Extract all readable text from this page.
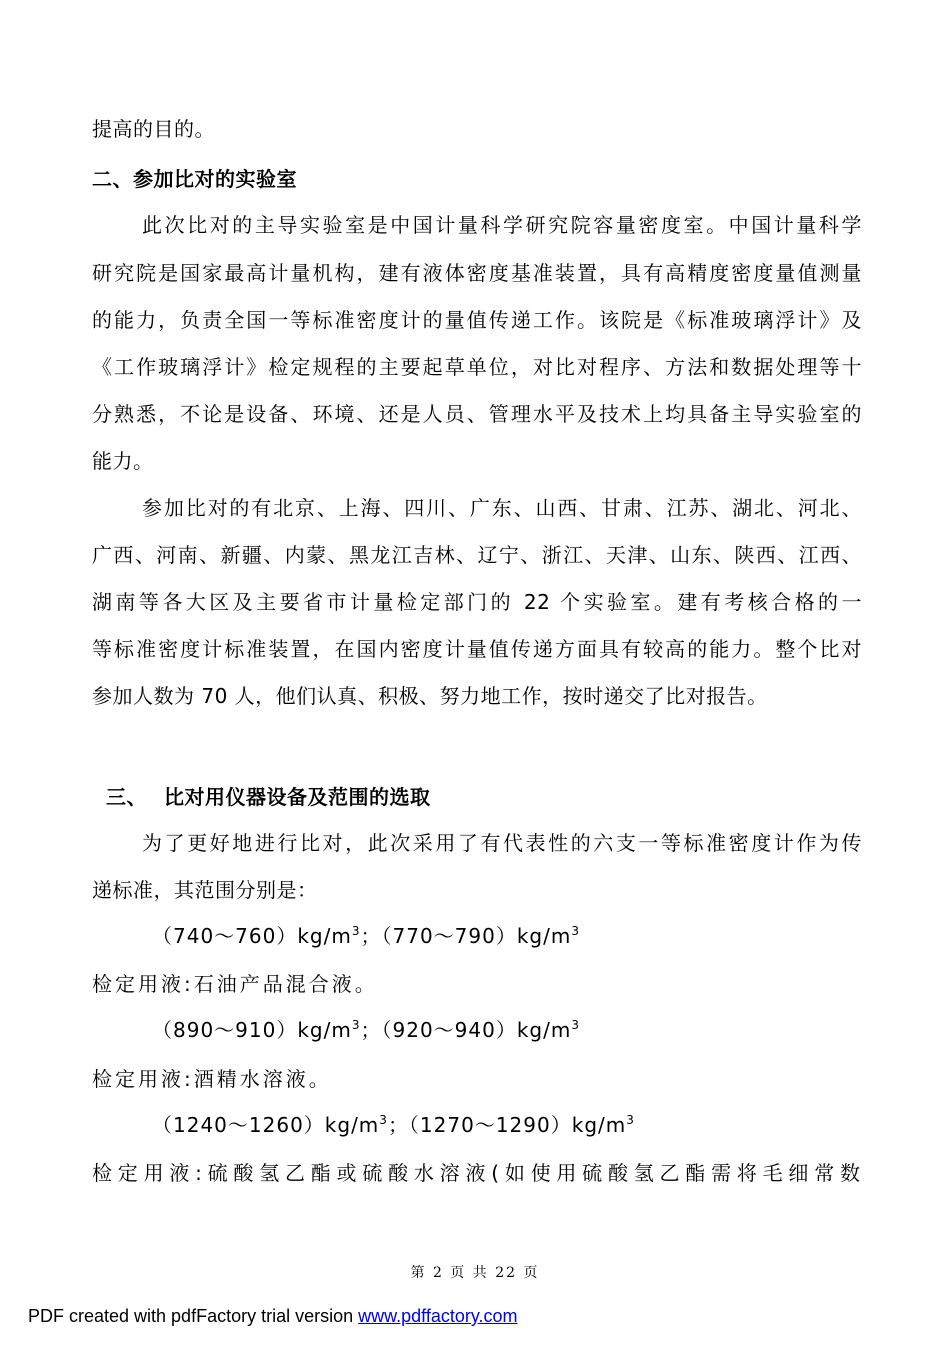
提高的目的。
二、参加比对的实验室
此次比对的主导实验室是中国计量科学研究院容量密度室。中国计量科学
研究院是国家最高计量机构，建有液体密度基准装置，具有高精度密度量值测量
的能力，负责全国一等标准密度计的量值传递工作。该院是《标准玻璃浮计》及
《工作玻璃浮计》检定规程的主要起草单位，对比对程序、方法和数据处理等十
分熟悉，不论是设备、环境、还是人员、管理水平及技术上均具备主导实验室的
能力。
参加比对的有北京、上海、四川、广东、山西、甘肃、江苏、湖北、河北、
广西、河南、新疆、内蒙、黑龙江吉林、辽宁、浙江、天津、山东、陕西、江西、
湖南等各大区及主要省市计量检定部门的 22 个实验室。建有考核合格的一
等标准密度计标准装置，在国内密度计量值传递方面具有较高的能力。整个比对
参加人数为 70 人，他们认真、积极、努力地工作，按时递交了比对报告。
三、 比对用仪器设备及范围的选取
为了更好地进行比对，此次采用了有代表性的六支一等标准密度计作为传
递标准，其范围分别是：
$(740\sim 760)kg/m^3$；$(770\sim 790)kg/m^3$
检定用液:石油产品混合液。
$(890\sim 910)kg/m^3$；$(920\sim 940)kg/m^3$
检定用液:酒精水溶液。
$(1240\sim 1260)kg/m^3$；$(1270\sim 1290)kg/m^3$
检定用液:硫酸氢乙酯或硫酸水溶液(如使用硫酸氢乙酯需将毛细常数
第 2 页 共 22 页
PDF created with pdfFactory trial version www.pdffactory.com
